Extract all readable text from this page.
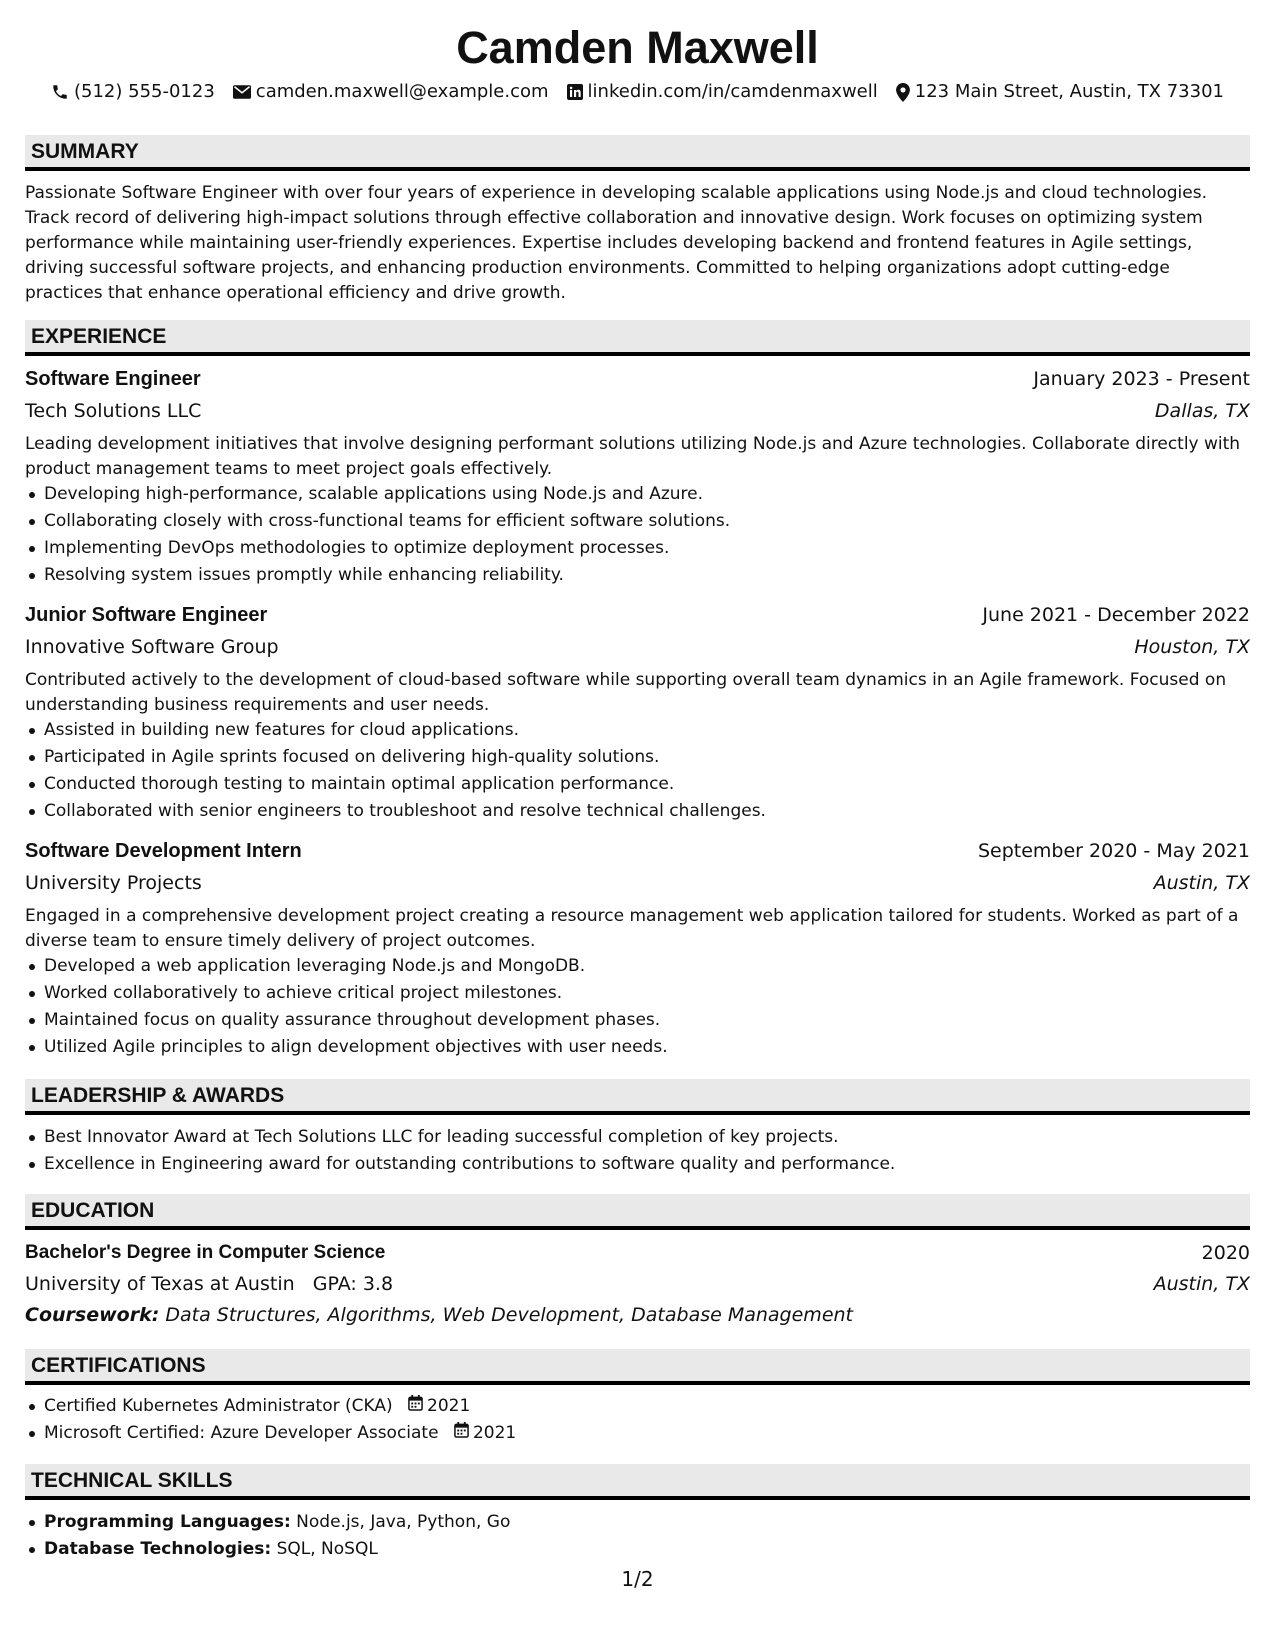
Camden Maxwell
(512) 555-0123 camden.maxwell@example.com linkedin.com/in/camdenmaxwell 123 Main Street, Austin, TX 73301
SUMMARY

Passionate Software Engineer with over four years of experience in developing scalable applications using Node.js and cloud technologies. Track record of delivering high-impact solutions through effective collaboration and innovative design. Work focuses on optimizing system performance while maintaining user-friendly experiences. Expertise includes developing backend and frontend features in Agile settings, driving successful software projects, and enhancing production environments. Committed to helping organizations adopt cutting-edge practices that enhance operational efficiency and drive growth.

EXPERIENCE
Software Engineer	January 2023 - Present
Tech Solutions LLC	Dallas, TX

Leading development initiatives that involve designing performant solutions utilizing Node.js and Azure technologies. Collaborate directly with product management teams to meet project goals effectively.

Developing high-performance, scalable applications using Node.js and Azure.
Collaborating closely with cross-functional teams for efficient software solutions.
Implementing DevOps methodologies to optimize deployment processes.
Resolving system issues promptly while enhancing reliability.
Junior Software Engineer	June 2021 - December 2022
Innovative Software Group	Houston, TX

Contributed actively to the development of cloud-based software while supporting overall team dynamics in an Agile framework. Focused on understanding business requirements and user needs.

Assisted in building new features for cloud applications.
Participated in Agile sprints focused on delivering high-quality solutions.
Conducted thorough testing to maintain optimal application performance.
Collaborated with senior engineers to troubleshoot and resolve technical challenges.
Software Development Intern	September 2020 - May 2021
University Projects	Austin, TX

Engaged in a comprehensive development project creating a resource management web application tailored for students. Worked as part of a diverse team to ensure timely delivery of project outcomes.

Developed a web application leveraging Node.js and MongoDB.
Worked collaboratively to achieve critical project milestones.
Maintained focus on quality assurance throughout development phases.
Utilized Agile principles to align development objectives with user needs.
LEADERSHIP & AWARDS
Best Innovator Award at Tech Solutions LLC for leading successful completion of key projects.
Excellence in Engineering award for outstanding contributions to software quality and performance.
EDUCATION
Bachelor's Degree in Computer Science	2020
University of Texas at Austin GPA: 3.8	Austin, TX
Coursework: Data Structures, Algorithms, Web Development, Database Management
CERTIFICATIONS
Certified Kubernetes Administrator (CKA) 2021
Microsoft Certified: Azure Developer Associate 2021
TECHNICAL SKILLS
Programming Languages: Node.js, Java, Python, Go
Database Technologies: SQL, NoSQL
1/2
